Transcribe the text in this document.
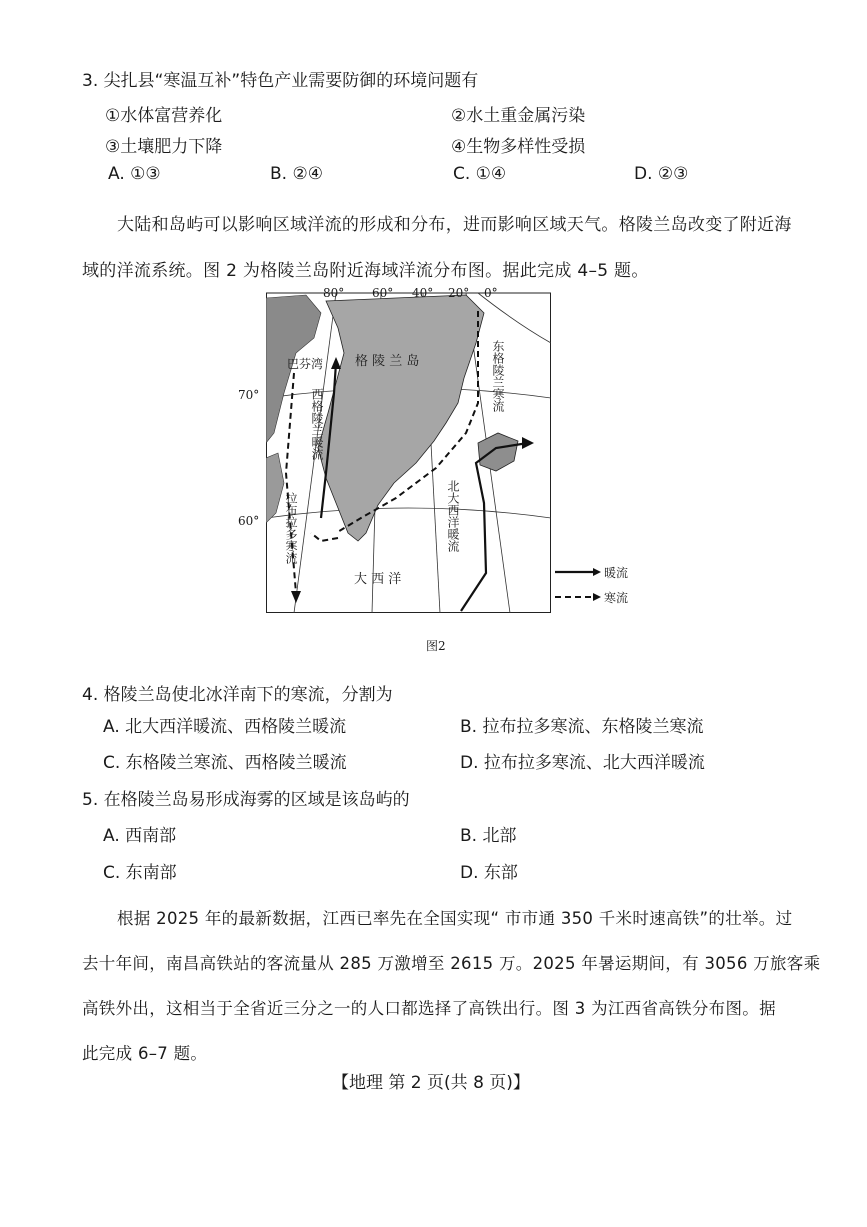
3. 尖扎县“寒温互补”特色产业需要防御的环境问题有
①水体富营养化	②水土重金属污染
③土壤肥力下降	④生物多样性受损
A. ①③	B. ②④	C. ①④	D. ②③
大陆和岛屿可以影响区域洋流的形成和分布，进而影响区域天气。格陵兰岛改变了附近海
域的洋流系统。图 2 为格陵兰岛附近海域洋流分布图。据此完成 4–5 题。
80° 60° 40° 20° 0°
70°
60°
巴芬湾 格 陵 兰 岛
大 西 洋
东格陵兰寒流
西格陵兰暖流
拉布拉多寒流	北大西洋暖流
暖流
寒流
图2
4. 格陵兰岛使北冰洋南下的寒流，分割为
A. 北大西洋暖流、西格陵兰暖流	B. 拉布拉多寒流、东格陵兰寒流
C. 东格陵兰寒流、西格陵兰暖流	D. 拉布拉多寒流、北大西洋暖流
5. 在格陵兰岛易形成海雾的区域是该岛屿的
A. 西南部	B. 北部
C. 东南部	D. 东部
根据 2025 年的最新数据，江西已率先在全国实现“ 市市通 350 千米时速高铁”的壮举。过
去十年间，南昌高铁站的客流量从 285 万激增至 2615 万。2025 年暑运期间，有 3056 万旅客乘
高铁外出，这相当于全省近三分之一的人口都选择了高铁出行。图 3 为江西省高铁分布图。据
此完成 6–7 题。
【地理 第 2 页(共 8 页)】
